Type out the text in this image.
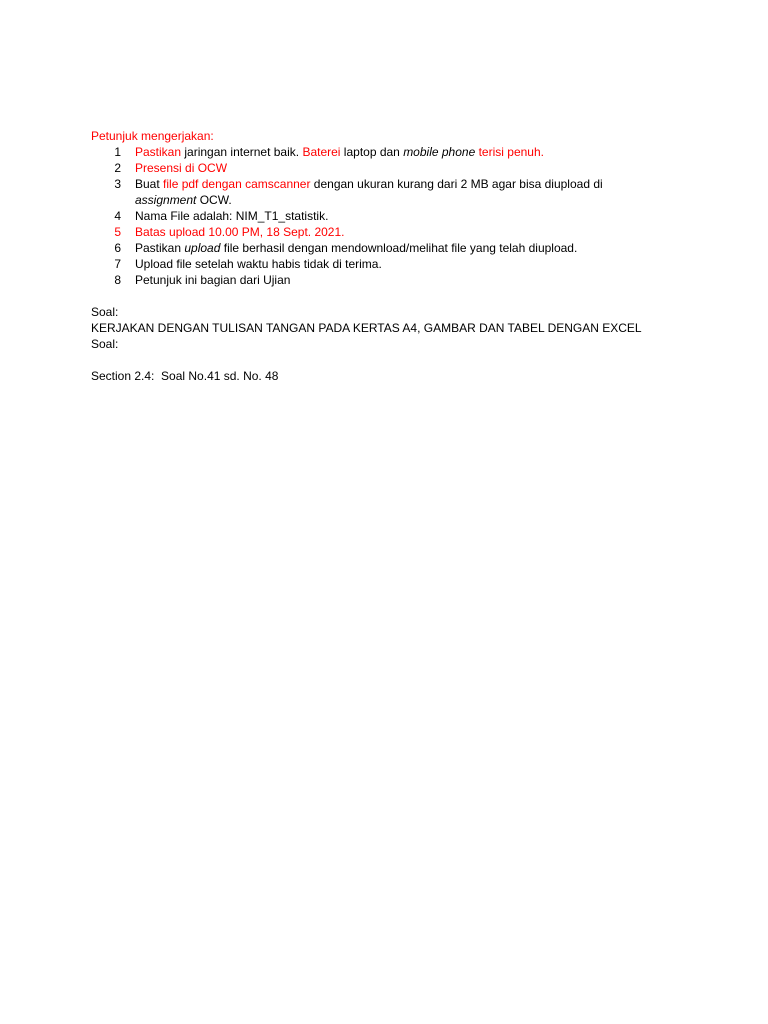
Petunjuk mengerjakan:
1 Pastikan jaringan internet baik. Baterei laptop dan mobile phone terisi penuh.
2 Presensi di OCW
3 Buat file pdf dengan camscanner dengan ukuran kurang dari 2 MB agar bisa diupload di assignment OCW.
4 Nama File adalah: NIM_T1_statistik.
5 Batas upload 10.00 PM, 18 Sept. 2021.
6 Pastikan upload file berhasil dengan mendownload/melihat file yang telah diupload.
7 Upload file setelah waktu habis tidak di terima.
8 Petunjuk ini bagian dari Ujian
Soal:
KERJAKAN DENGAN TULISAN TANGAN PADA KERTAS A4, GAMBAR DAN TABEL DENGAN EXCEL
Soal:
Section 2.4:  Soal No.41 sd. No. 48
